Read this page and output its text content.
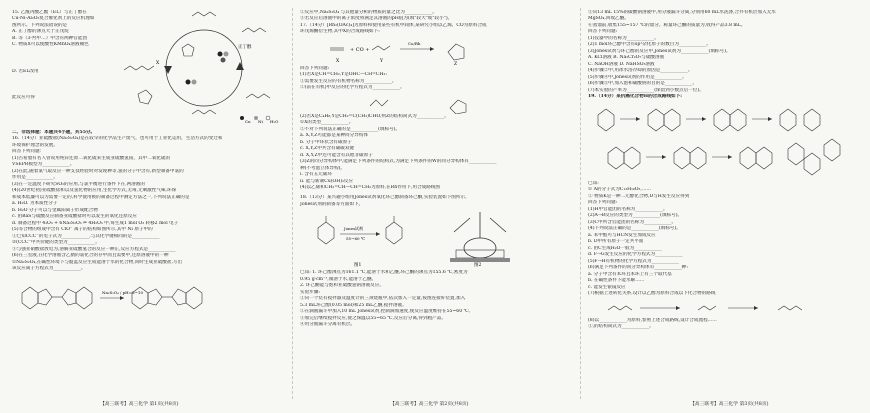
15. 乙酰丙酸乙酯（EL）与正丁醇在

Cu-Ni-Al₂O₃复合催化剂上的反应机理如

图所示。下列说法错误的是

A. 正丁醇的沸点大于正戊烷

B. 等（3-羟甲…）中含有两种官能团

C. 物质X可以使酸性KMnO₄溶液褪色

D. 若EL改用

此反应可得

正丁醇
X
Cu Ni H₂O

二、非选择题：本题共4小题，共55分。

16.（14分）亚硫酸盐(Na₂S₂O₄)是在较早的化学品生产废气，也可用于工业化运用，生活方式的变迁和

环境保护理念的发展。

回答下列问题：

(1)古希腊有名人曾说用纯锌还原二氧化硫来生成亚硫酸氢铵，其中二氧化硫的

VSEPR模型为____________。

(2)在此,随着氯气取反应一种支技经验时对发现种等,氢的分子中含有,新型制备中氯的

作用是____________。

(3)在一定温度下研究SO₂的应用,与氯平衡进行条件下在,两溶液的

(4)(20世纪初)亚硫酸盐和以及氢化物的应用,生化学方式,无毒,无刺激性气味,环保

和成本低廉可以为需要一定的,科学使用被的制备过程中测定方法之一,下列说法正确的是

a. H₂O. 为本质性分子

b. H₂O 分子可以与金属阳离子形成配合物

c. 由BaS与硫酸反应制备亚硫酸盐时可以发生的氧化还原反应

d. 制备过程中 4₂O₃ + 6Na₂S₂O₃ ⇌ 4H₂O₃ 中,每生成1 mol O₃ 转移2 mol 电子

(5)等合物的组成中含有 ClO⁻ 离子的结构如图所示,其中 Ni 原子中的

①已知CCC⁻的电子式为____________,与其化学键相同的是____________

②(CCC⁻中共价键的类型为____________。

③与强亚硝酸盐放电为,溶解亚硫酸氢合的反应一种正,反应方程式是____________

(6)在三室液,在化学溶液含乙腈的氯化合的存中而且需要中,还原溶液中的一种

①Na₂S₂O₄,在碱性环境下与靛蓝反应生成能溶于水的化合物,同时生成亚硫酸盐,写出

该反应离子方程式为____________。

Na₂S₂O₄ / pH=8~10

②反应中,Na₂S₂O₄ 与其他量分析的物质的量之比为____________。

③若反应后溶液中的离子浓度将满足其溶液的pH值为(填"较大"或"较小")。

17.（14分）[Rh₂(OAc)₄]为原料和使用某些有机中间体,某研究小组以乙烯、CO为原料合成

环戊烯酮衍生物,其中X的合成路线如下:

+ CO +
Co/Rh
X	Y
Z

回答下列问题:

(1)若X是CH=CH₂,Y是OHC—CH=CH₂:

①需要发生反应的有机物名称为____________。

②(前在有机)中反应的化学方程式为____________。

(2)若X是C₄H₈,Y是CH₂=C(CH₃)CHO,则Z的结构简式为____________。

①X的类型____________。

②不对下列说法正确的是____________(填标号)。

a. X,Y,Z可能都是某种同分异构体

b. 分子中环状含有碳原子

c. X,Y,Z中共含有碳碳双键

d. X,Y,Z中还可能含有其他非碳原子

(3)Z的同分异构体中,能满足下列条件的结构式,为满足下列条件的W的同分异构体有____________

种(不考虑立体异构)。

i. 含有五元碳环

ii. 能与新制Cu(OH)₂反应

(4)以乙烯和CH₂=CH—CH=CH₂为原料,在Rh作用下,用合成路线图

18.（13分）某兴趣小组用Jones试剂氧化环己醇制备环己酮,实验装置如下图所示,

Jones试剂的制备等方面如下。

Jones试剂
55~60 ℃
图1	图2

已知: 1. 环己醇沸点为161.1 ℃,能溶于水和乙醚,环己酮的沸点为155.6 ℃,密度为

0.95 g·cm⁻³,微溶于水,能溶于乙醚。

2. 环己酮能与饱和亚硫酸氢钠溶液反应。

实验步骤:

①向一个装有搅拌器及温度计的三颈烧瓶中,依次加入一定量,按图连接好装置,加入

5.3 mL环己醇(0.05 mol)和25 mL乙醚,搅拌溶液。

②在滴液漏斗中加入10 mL Jones试剂,控制滴加速度,使反应温度维持在55~60 ℃,

③加完后继续搅拌反应,使之保温以55~65 ℃,反应后分离,得到粗产品。

④用分液漏斗分离有机层。

⑤向13 mL 15%的碳酸钠溶液中,用分液漏斗分离,分别用60 mL水洗涤,合并有机层加入无水

MgSO₄,回收乙醚。

⑥蒸馏前,收集155~157 ℃的馏分。称量环己酮的质量为,收得产品3.8 mL。

回答下列问题:

(1)仪器甲的名称为____________。

(2)1 mol环己醇中含有sp³杂化原子的数目为____________。

(3)Jones试剂与环己醇的反应中,Jones试剂为____________(填标号)。

A. KCl溶液 B. Na₂Cr₂O₇与硫酸溶液

C. NaOH溶液 D. NaHSO₃溶液

(4)步骤②中,用冰水浴冷却的原因是____________。

(5)步骤④中,Jones试剂的作用是____________。

(6)步骤⑤中,加入饱和碳酸钠的目的是____________。

(7)本实验的产率为____________(保留到小数点后一位)。

19.（14分）某抗癌化合物H的合成路线如下:

已知:

① A的分子式为C₁₃H₁₀O₃,……

② 物质K是一种二元醇化合物,D与H发生反应得到

回答下列问题:

(1)H中官能团的名称为____________。

(2)A→B反应的类型为____________(填标号)。

(3)C中所含官能团的名称为____________。

(4)下列说法正确的是____________(填标号)。

a. 苯甲醛可与HCN发生加成反应

b. D中所有原子一定共平面

c. 由C生成H₂O一般为____________

d. F→G发生反应的化学方程式为____________

(5)F→H有机物的化学方程式为____________

(6)满足下列条件的同分异构体有____________种:

a. 分子中含有苯环且苯环上有三个取代基

b. 在碱性条件下能水解……

c. 能发生银镜反应

(7)根据上述转化关系,设计以乙醇为原料合成以下化合物的路线

(8)以____________为原料,参照上述合成路线,设计合成流程……

①,的结构简式为____________。

【高三联考】高三化学 第1页(共8页)	【高三联考】高三化学 第2页(共8页)	【高三联考】高三化学 第3页(共8页)
